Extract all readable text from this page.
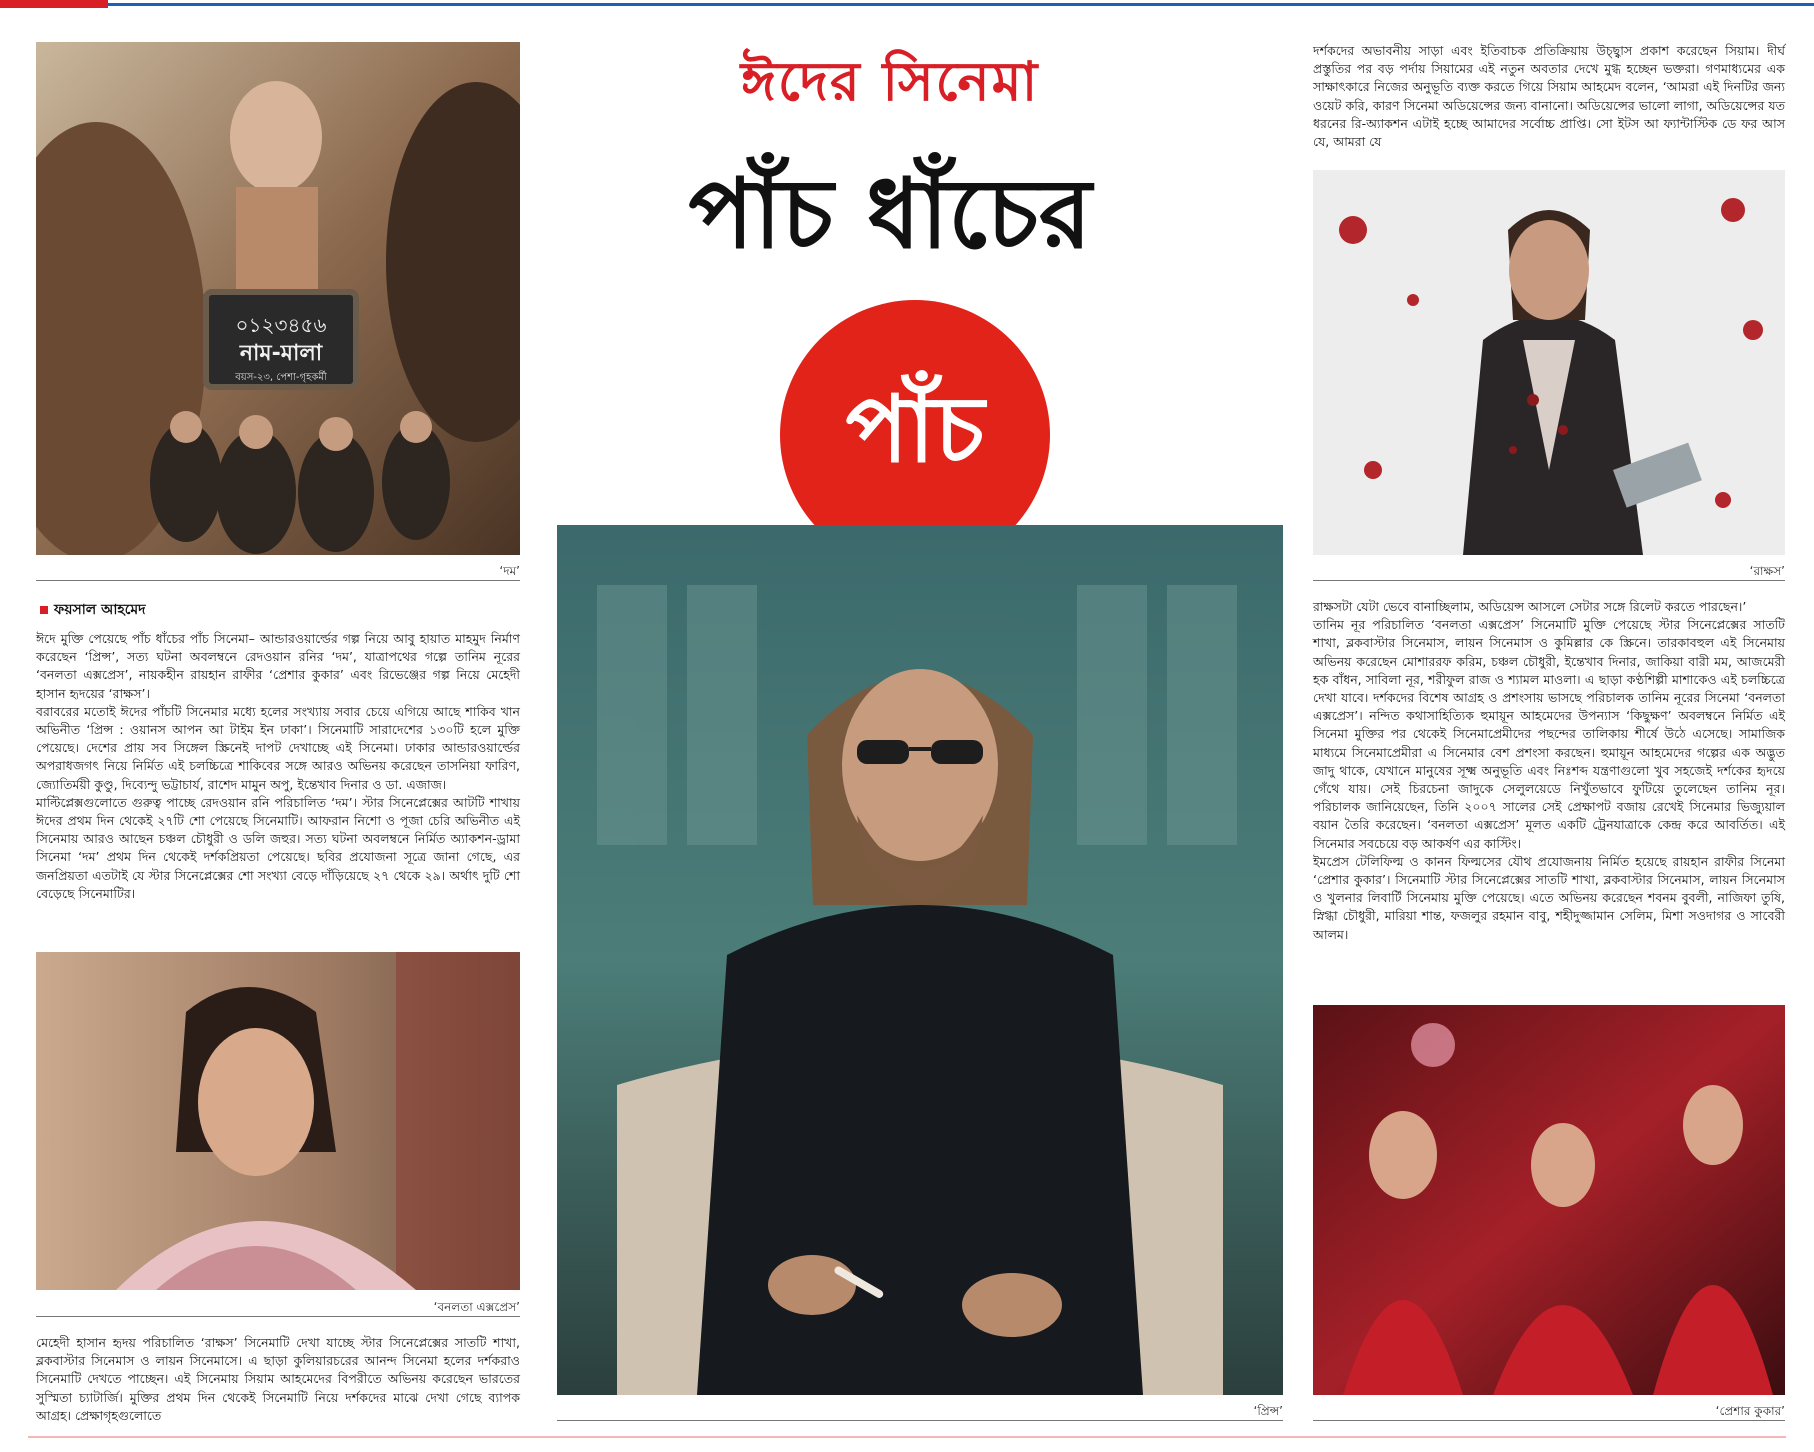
০১২৩৪৫৬
নাম-মালা
বয়স-২৩, পেশা-গৃহকর্মী
‘দম’
ফয়সাল আহমেদ

ঈদে মুক্তি পেয়েছে পাঁচ ধাঁচের পাঁচ সিনেমা– আন্ডারওয়ার্ল্ডের গল্প নিয়ে আবু হায়াত মাহমুদ নির্মাণ করেছেন ‘প্রিন্স’, সত্য ঘটনা অবলম্বনে রেদওয়ান রনির ‘দম’, যাত্রাপথের গল্পে তানিম নূরের ‘বনলতা এক্সপ্রেস’, নায়কহীন রায়হান রাফীর ‘প্রেশার কুকার’ এবং রিভেঞ্জের গল্প নিয়ে মেহেদী হাসান হৃদয়ের ‘রাক্ষস’।

বরাবরের মতোই ঈদের পাঁচটি সিনেমার মধ্যে হলের সংখ্যায় সবার চেয়ে এগিয়ে আছে শাকিব খান অভিনীত ‘প্রিন্স : ওয়ানস আপন আ টাইম ইন ঢাকা’। সিনেমাটি সারাদেশের ১৩০টি হলে মুক্তি পেয়েছে। দেশের প্রায় সব সিঙ্গেল স্ক্রিনেই দাপট দেখাচ্ছে এই সিনেমা। ঢাকার আন্ডারওয়ার্ল্ডের অপরাধজগৎ নিয়ে নির্মিত এই চলচ্চিত্রে শাকিবের সঙ্গে আরও অভিনয় করেছেন তাসনিয়া ফারিণ, জ্যোতির্ময়ী কুণ্ডু, দিব্যেন্দু ভট্টাচার্য, রাশেদ মামুন অপু, ইন্তেখাব দিনার ও ডা. এজাজ।

মাল্টিপ্লেক্সগুলোতে গুরুত্ব পাচ্ছে রেদওয়ান রনি পরিচালিত ‘দম’। স্টার সিনেপ্লেক্সের আটটি শাখায় ঈদের প্রথম দিন থেকেই ২৭টি শো পেয়েছে সিনেমাটি। আফরান নিশো ও পূজা চেরি অভিনীত এই সিনেমায় আরও আছেন চঞ্চল চৌধুরী ও ডলি জহুর। সত্য ঘটনা অবলম্বনে নির্মিত অ্যাকশন-ড্রামা সিনেমা ‘দম’ প্রথম দিন থেকেই দর্শকপ্রিয়তা পেয়েছে। ছবির প্রযোজনা সূত্রে জানা গেছে, এর জনপ্রিয়তা এতটাই যে স্টার সিনেপ্লেক্সের শো সংখ্যা বেড়ে দাঁড়িয়েছে ২৭ থেকে ২৯। অর্থাৎ দুটি শো বেড়েছে সিনেমাটির।

‘বনলতা এক্সপ্রেস’

মেহেদী হাসান হৃদয় পরিচালিত ‘রাক্ষস’ সিনেমাটি দেখা যাচ্ছে স্টার সিনেপ্লেক্সের সাতটি শাখা, ব্লকবাস্টার সিনেমাস ও লায়ন সিনেমাসে। এ ছাড়া কুলিয়ারচরের আনন্দ সিনেমা হলের দর্শকরাও সিনেমাটি দেখতে পাচ্ছেন। এই সিনেমায় সিয়াম আহমেদের বিপরীতে অভিনয় করেছেন ভারতের সুস্মিতা চ্যাটার্জি। মুক্তির প্রথম দিন থেকেই সিনেমাটি নিয়ে দর্শকদের মাঝে দেখা গেছে ব্যাপক আগ্রহ। প্রেক্ষাগৃহগুলোতে

ঈদের সিনেমা
পাঁচ ধাঁচের
পাঁচ
‘প্রিন্স’

দর্শকদের অভাবনীয় সাড়া এবং ইতিবাচক প্রতিক্রিয়ায় উচ্ছ্বাস প্রকাশ করেছেন সিয়াম। দীর্ঘ প্রস্তুতির পর বড় পর্দায় সিয়ামের এই নতুন অবতার দেখে মুগ্ধ হচ্ছেন ভক্তরা। গণমাধ্যমের এক সাক্ষাৎকারে নিজের অনুভূতি ব্যক্ত করতে গিয়ে সিয়াম আহমেদ বলেন, ‘আমরা এই দিনটির জন্য ওয়েট করি, কারণ সিনেমা অডিয়েন্সের জন্য বানানো। অডিয়েন্সের ভালো লাগা, অডিয়েন্সের যত ধরনের রি-অ্যাকশন এটাই হচ্ছে আমাদের সর্বোচ্চ প্রাপ্তি। সো ইটস আ ফ্যান্টাস্টিক ডে ফর আস যে, আমরা যে

‘রাক্ষস’

রাক্ষসটা যেটা ভেবে বানাচ্ছিলাম, অডিয়েন্স আসলে সেটার সঙ্গে রিলেট করতে পারছেন।’

তানিম নূর পরিচালিত ‘বনলতা এক্সপ্রেস’ সিনেমাটি মুক্তি পেয়েছে স্টার সিনেপ্লেক্সের সাতটি শাখা, ব্লকবাস্টার সিনেমাস, লায়ন সিনেমাস ও কুমিল্লার কে স্ক্রিনে। তারকাবহুল এই সিনেমায় অভিনয় করেছেন মোশাররফ করিম, চঞ্চল চৌধুরী, ইন্তেখাব দিনার, জাকিয়া বারী মম, আজমেরী হক বাঁধন, সাবিলা নূর, শরীফুল রাজ ও শ্যামল মাওলা। এ ছাড়া কণ্ঠশিল্পী মাশাকেও এই চলচ্চিত্রে দেখা যাবে। দর্শকদের বিশেষ আগ্রহ ও প্রশংসায় ভাসছে পরিচালক তানিম নূরের সিনেমা ‘বনলতা এক্সপ্রেস’। নন্দিত কথাসাহিত্যিক হুমায়ূন আহমেদের উপন্যাস ‘কিছুক্ষণ’ অবলম্বনে নির্মিত এই সিনেমা মুক্তির পর থেকেই সিনেমাপ্রেমীদের পছন্দের তালিকায় শীর্ষে উঠে এসেছে। সামাজিক মাধ্যমে সিনেমাপ্রেমীরা এ সিনেমার বেশ প্রশংসা করছেন। হুমায়ূন আহমেদের গল্পের এক অদ্ভুত জাদু থাকে, যেখানে মানুষের সূক্ষ্ম অনুভূতি এবং নিঃশব্দ যন্ত্রণাগুলো খুব সহজেই দর্শকের হৃদয়ে গেঁথে যায়। সেই চিরচেনা জাদুকে সেলুলয়েডে নিখুঁতভাবে ফুটিয়ে তুলেছেন তানিম নূর। পরিচালক জানিয়েছেন, তিনি ২০০৭ সালের সেই প্রেক্ষাপট বজায় রেখেই সিনেমার ভিজ্যুয়াল বয়ান তৈরি করেছেন। ‘বনলতা এক্সপ্রেস’ মূলত একটি ট্রেনযাত্রাকে কেন্দ্র করে আবর্তিত। এই সিনেমার সবচেয়ে বড় আকর্ষণ এর কাস্টিং।

ইমপ্রেস টেলিফিল্ম ও কানন ফিল্মসের যৌথ প্রযোজনায় নির্মিত হয়েছে রায়হান রাফীর সিনেমা ‘প্রেশার কুকার’। সিনেমাটি স্টার সিনেপ্লেক্সের সাতটি শাখা, ব্লকবাস্টার সিনেমাস, লায়ন সিনেমাস ও খুলনার লিবার্টি সিনেমায় মুক্তি পেয়েছে। এতে অভিনয় করেছেন শবনম বুবলী, নাজিফা তুষি, স্নিগ্ধা চৌধুরী, মারিয়া শান্ত, ফজলুর রহমান বাবু, শহীদুজ্জামান সেলিম, মিশা সওদাগর ও সাবেরী আলম।

‘প্রেশার কুকার’
